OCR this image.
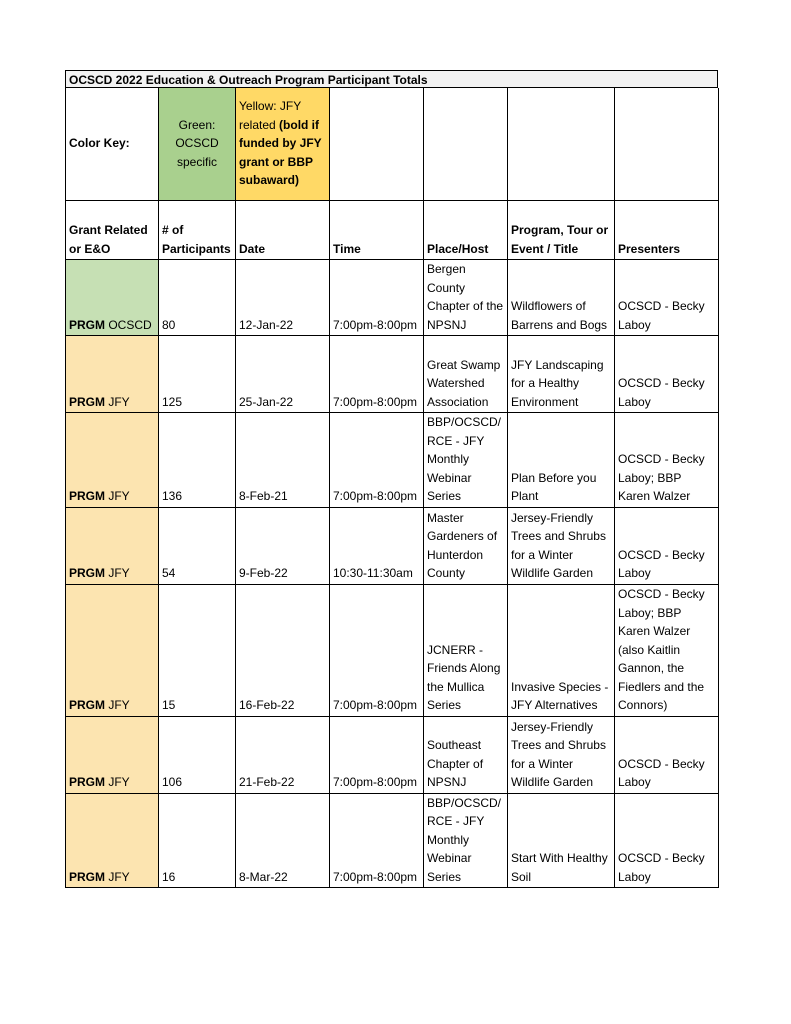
OCSCD 2022 Education & Outreach Program Participant Totals
Color Key:	Green: OCSCD specific	Yellow: JFY related (bold if funded by JFY grant or BBP subaward)				
Grant Related or E&O	# of Participants	Date	Time	Place/Host	Program, Tour or Event / Title	Presenters
PRGM OCSCD	80	12-Jan-22	7:00pm-8:00pm	Bergen County Chapter of the NPSNJ	Wildflowers of Barrens and Bogs	OCSCD - Becky Laboy
PRGM JFY	125	25-Jan-22	7:00pm-8:00pm	Great Swamp Watershed Association	JFY Landscaping for a Healthy Environment	OCSCD - Becky Laboy
PRGM JFY	136	8-Feb-21	7:00pm-8:00pm	BBP/OCSCD/ RCE - JFY Monthly Webinar Series	Plan Before you Plant	OCSCD - Becky Laboy; BBP Karen Walzer
PRGM JFY	54	9-Feb-22	10:30-11:30am	Master Gardeners of Hunterdon County	Jersey-Friendly Trees and Shrubs for a Winter Wildlife Garden	OCSCD - Becky Laboy
PRGM JFY	15	16-Feb-22	7:00pm-8:00pm	JCNERR - Friends Along the Mullica Series	Invasive Species - JFY Alternatives	OCSCD - Becky Laboy; BBP Karen Walzer (also Kaitlin Gannon, the Fiedlers and the Connors)
PRGM JFY	106	21-Feb-22	7:00pm-8:00pm	Southeast Chapter of NPSNJ	Jersey-Friendly Trees and Shrubs for a Winter Wildlife Garden	OCSCD - Becky Laboy
PRGM JFY	16	8-Mar-22	7:00pm-8:00pm	BBP/OCSCD/ RCE - JFY Monthly Webinar Series	Start With Healthy Soil	OCSCD - Becky Laboy
